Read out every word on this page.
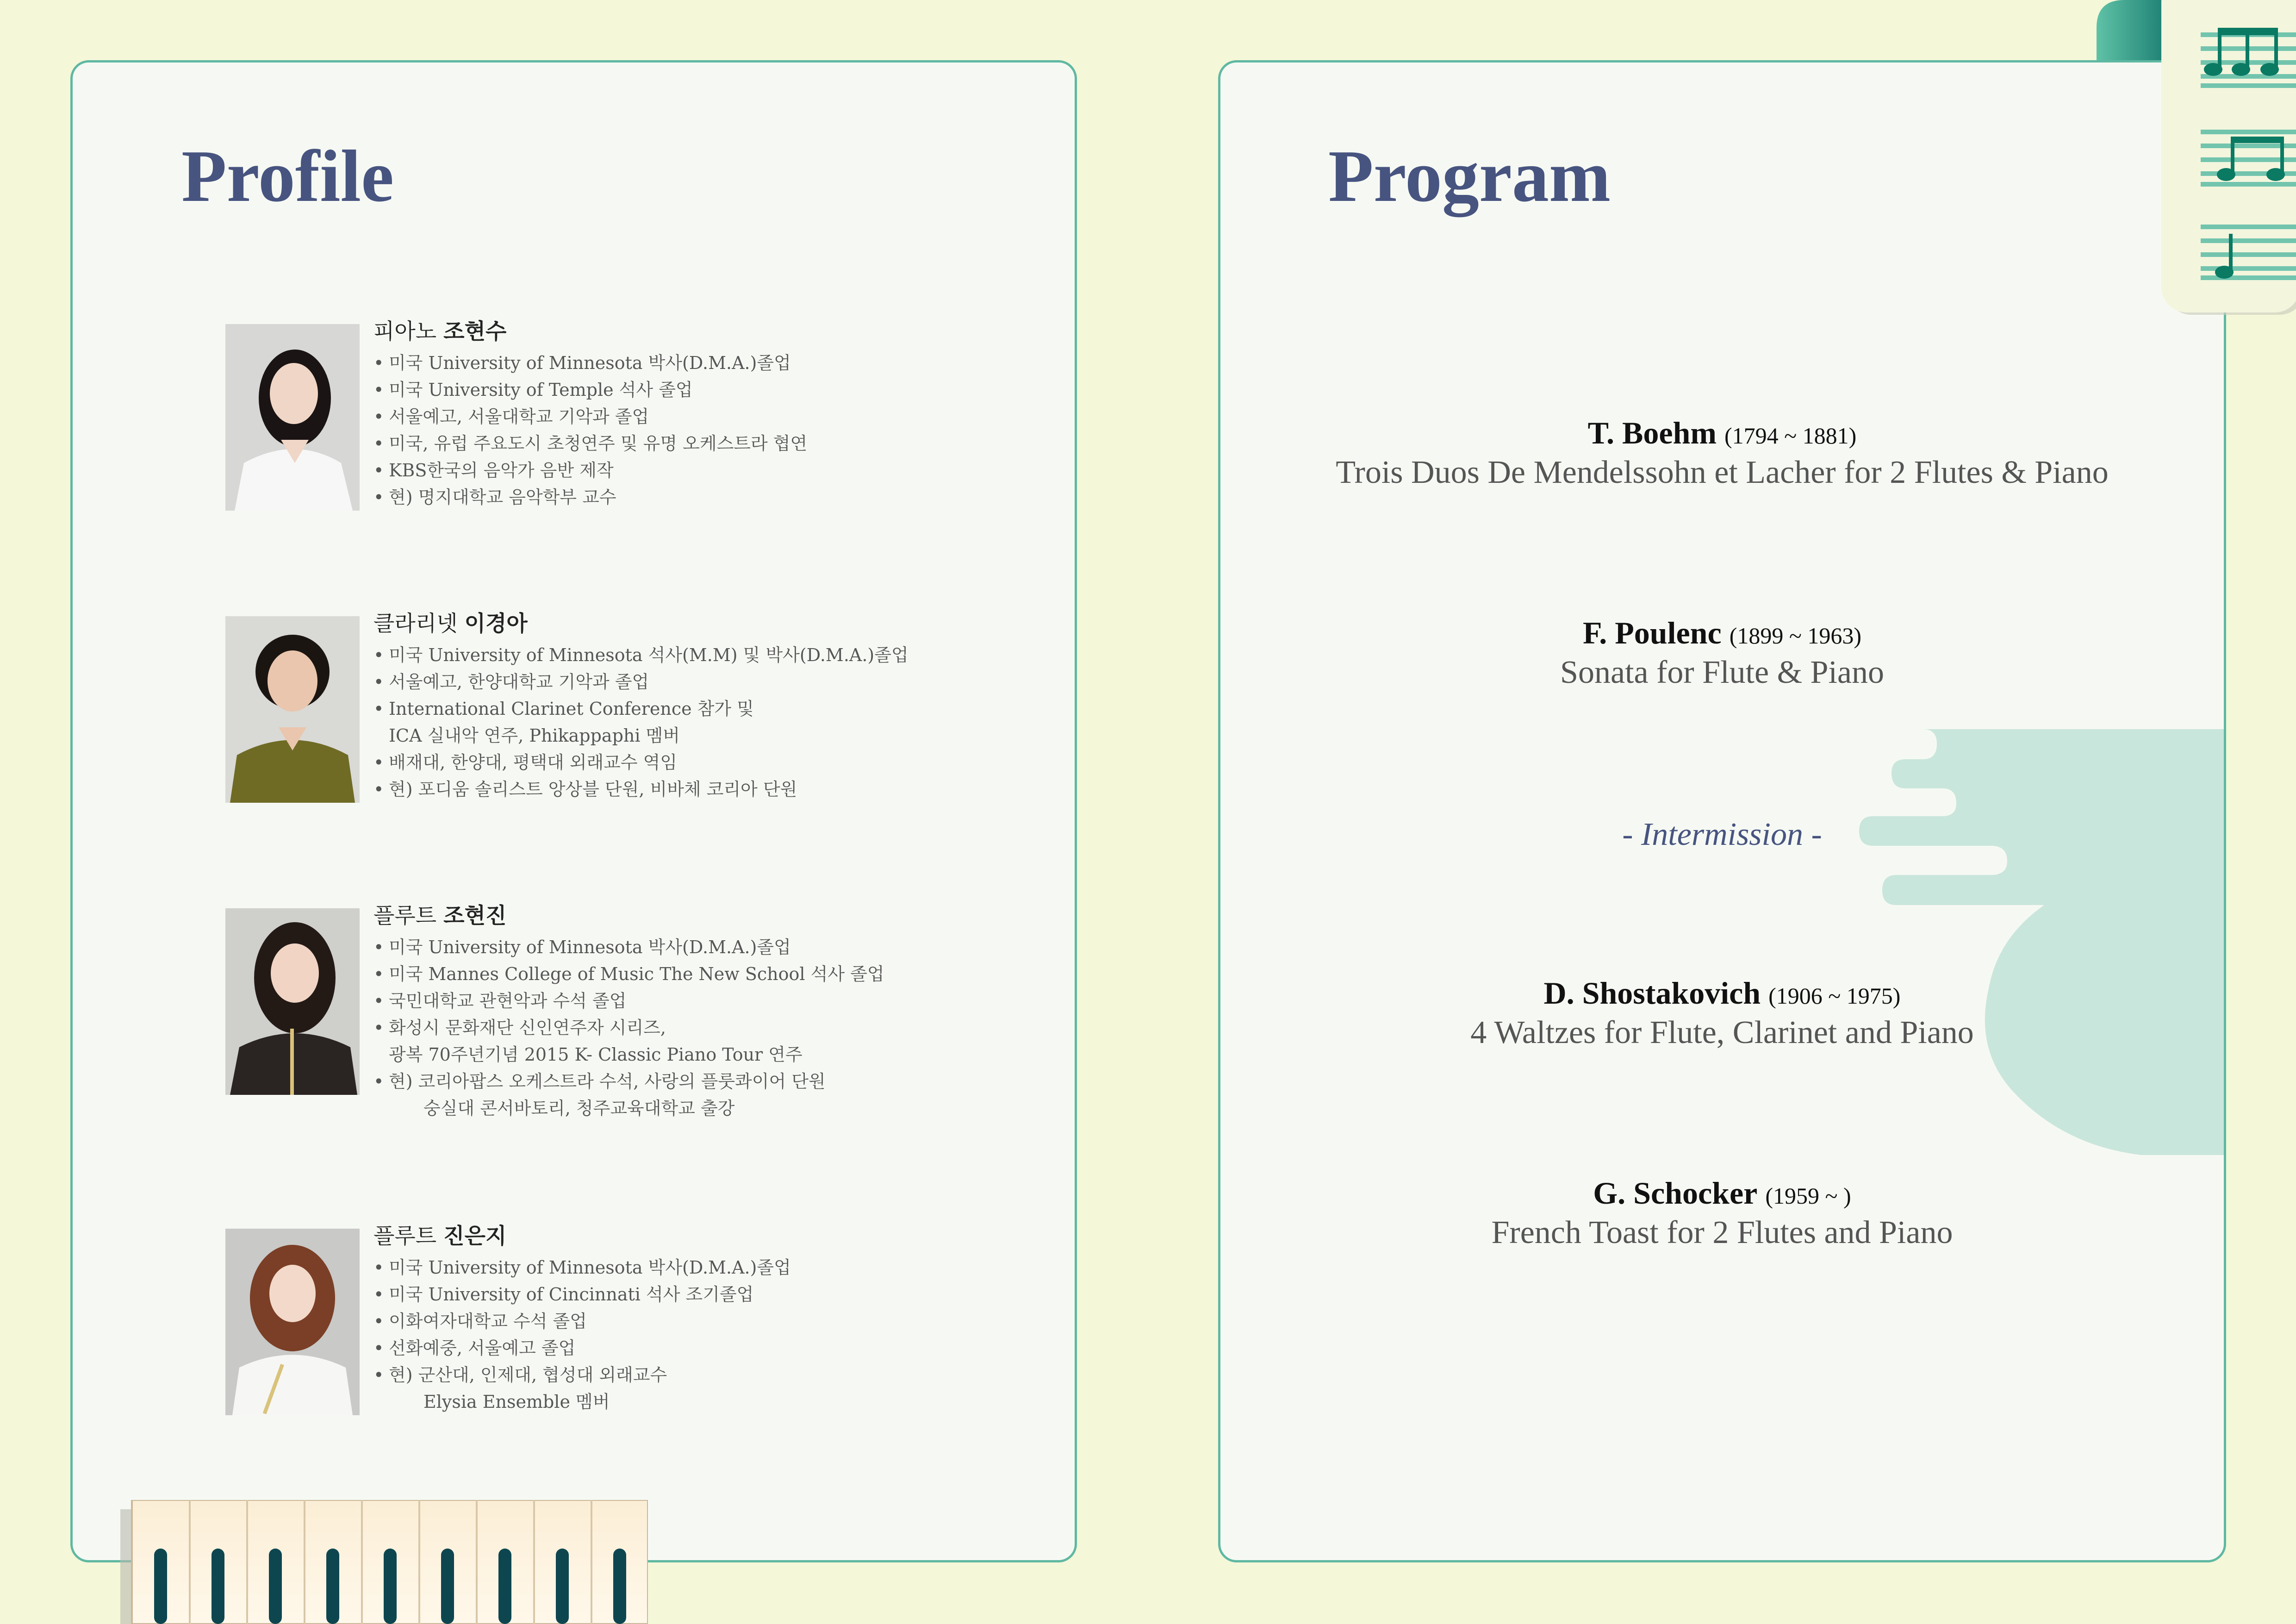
Profile

피아노 조현수

• 미국 University of Minnesota 박사(D.M.A.)졸업
• 미국 University of Temple 석사 졸업
• 서울예고, 서울대학교 기악과 졸업
• 미국, 유럽 주요도시 초청연주 및 유명 오케스트라 협연
• KBS한국의 음악가 음반 제작
• 현) 명지대학교 음악학부 교수

클라리넷 이경아

• 미국 University of Minnesota 석사(M.M) 및 박사(D.M.A.)졸업
• 서울예고, 한양대학교 기악과 졸업
• International Clarinet Conference 참가 및
ICA 실내악 연주, Phikappaphi 멤버
• 배재대, 한양대, 평택대 외래교수 역임
• 현) 포디움 솔리스트 앙상블 단원, 비바체 코리아 단원

플루트 조현진

• 미국 University of Minnesota 박사(D.M.A.)졸업
• 미국 Mannes College of Music The New School 석사 졸업
• 국민대학교 관현악과 수석 졸업
• 화성시 문화재단 신인연주자 시리즈,
광복 70주년기념 2015 K- Classic Piano Tour 연주
• 현) 코리아팝스 오케스트라 수석, 사랑의 플룻콰이어 단원
숭실대 콘서바토리, 청주교육대학교 출강

플루트 진은지

• 미국 University of Minnesota 박사(D.M.A.)졸업
• 미국 University of Cincinnati 석사 조기졸업
• 이화여자대학교 수석 졸업
• 선화예중, 서울예고 졸업
• 현) 군산대, 인제대, 협성대 외래교수
Elysia Ensemble 멤버
Program

T. Boehm (1794 ~ 1881)

Trois Duos De Mendelssohn et Lacher for 2 Flutes & Piano

F. Poulenc (1899 ~ 1963)

Sonata for Flute & Piano

- Intermission -

D. Shostakovich (1906 ~ 1975)

4 Waltzes for Flute, Clarinet and Piano

G. Schocker (1959 ~ )

French Toast for 2 Flutes and Piano
